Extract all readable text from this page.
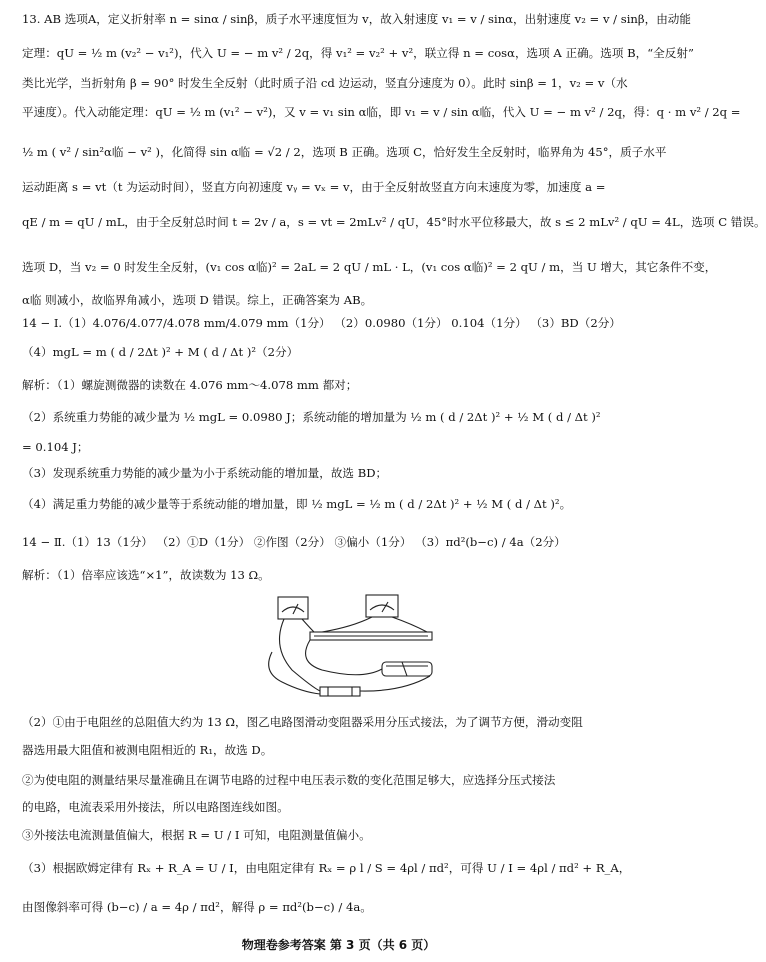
13. AB 选项A，定义折射率 n = sinα / sinβ，质子水平速度恒为 v，故入射速度 v₁ = v / sinα，出射速度 v₂ = v / sinβ，由动能
定理：qU = ½ m (v₂² − v₁²)，代入 U = − m v² / 2q，得 v₁² = v₂² + v²，联立得 n = cosα，选项 A 正确。选项 B，“全反射”
类比光学，当折射角 β = 90° 时发生全反射（此时质子沿 cd 边运动，竖直分速度为 0）。此时 sinβ = 1，v₂ = v（水
平速度）。代入动能定理：qU = ½ m (v₁² − v²)，又 v = v₁ sin α临，即 v₁ = v / sin α临，代入 U = − m v² / 2q，得：q · m v² / 2q =
½ m ( v² / sin²α临 − v² )，化简得 sin α临 = √2 / 2，选项 B 正确。选项 C，恰好发生全反射时，临界角为 45°，质子水平
运动距离 s = vt（t 为运动时间），竖直方向初速度 vᵧ = vₓ = v，由于全反射故竖直方向末速度为零，加速度 a =
qE / m = qU / mL，由于全反射总时间 t = 2v / a，s = vt = 2mLv² / qU，45°时水平位移最大，故 s ≤ 2 mLv² / qU = 4L，选项 C 错误。
选项 D，当 v₂ = 0 时发生全反射，(v₁ cos α临)² = 2aL = 2 qU / mL · L，(v₁ cos α临)² = 2 qU / m，当 U 增大，其它条件不变，
α临 则减小，故临界角减小，选项 D 错误。综上，正确答案为 AB。
14 − Ⅰ.（1）4.076/4.077/4.078 mm/4.079 mm（1分） （2）0.0980（1分） 0.104（1分） （3）BD（2分）
（4）mgL = m ( d / 2Δt )² + M ( d / Δt )²（2分）
解析：（1）螺旋测微器的读数在 4.076 mm～4.078 mm 都对；
（2）系统重力势能的减少量为 ½ mgL = 0.0980 J；系统动能的增加量为 ½ m ( d / 2Δt )² + ½ M ( d / Δt )²
= 0.104 J；
（3）发现系统重力势能的减少量为小于系统动能的增加量，故选 BD；
（4）满足重力势能的减少量等于系统动能的增加量，即 ½ mgL = ½ m ( d / 2Δt )² + ½ M ( d / Δt )²。
14 − Ⅱ.（1）13（1分） （2）①D（1分） ②作图（2分） ③偏小（1分） （3）πd²(b−c) / 4a（2分）
解析：（1）倍率应该选“×1”，故读数为 13 Ω。
（2）①由于电阻丝的总阻值大约为 13 Ω，图乙电路图滑动变阻器采用分压式接法，为了调节方便，滑动变阻
器选用最大阻值和被测电阻相近的 R₁，故选 D。
②为使电阻的测量结果尽量准确且在调节电路的过程中电压表示数的变化范围足够大，应选择分压式接法
的电路，电流表采用外接法，所以电路图连线如图。
③外接法电流测量值偏大，根据 R = U / I 可知，电阻测量值偏小。
（3）根据欧姆定律有 Rₓ + R_A = U / I，由电阻定律有 Rₓ = ρ l / S = 4ρl / πd²，可得 U / I = 4ρl / πd² + R_A，
由图像斜率可得 (b−c) / a = 4ρ / πd²，解得 ρ = πd²(b−c) / 4a。
物理卷参考答案 第 3 页（共 6 页）
